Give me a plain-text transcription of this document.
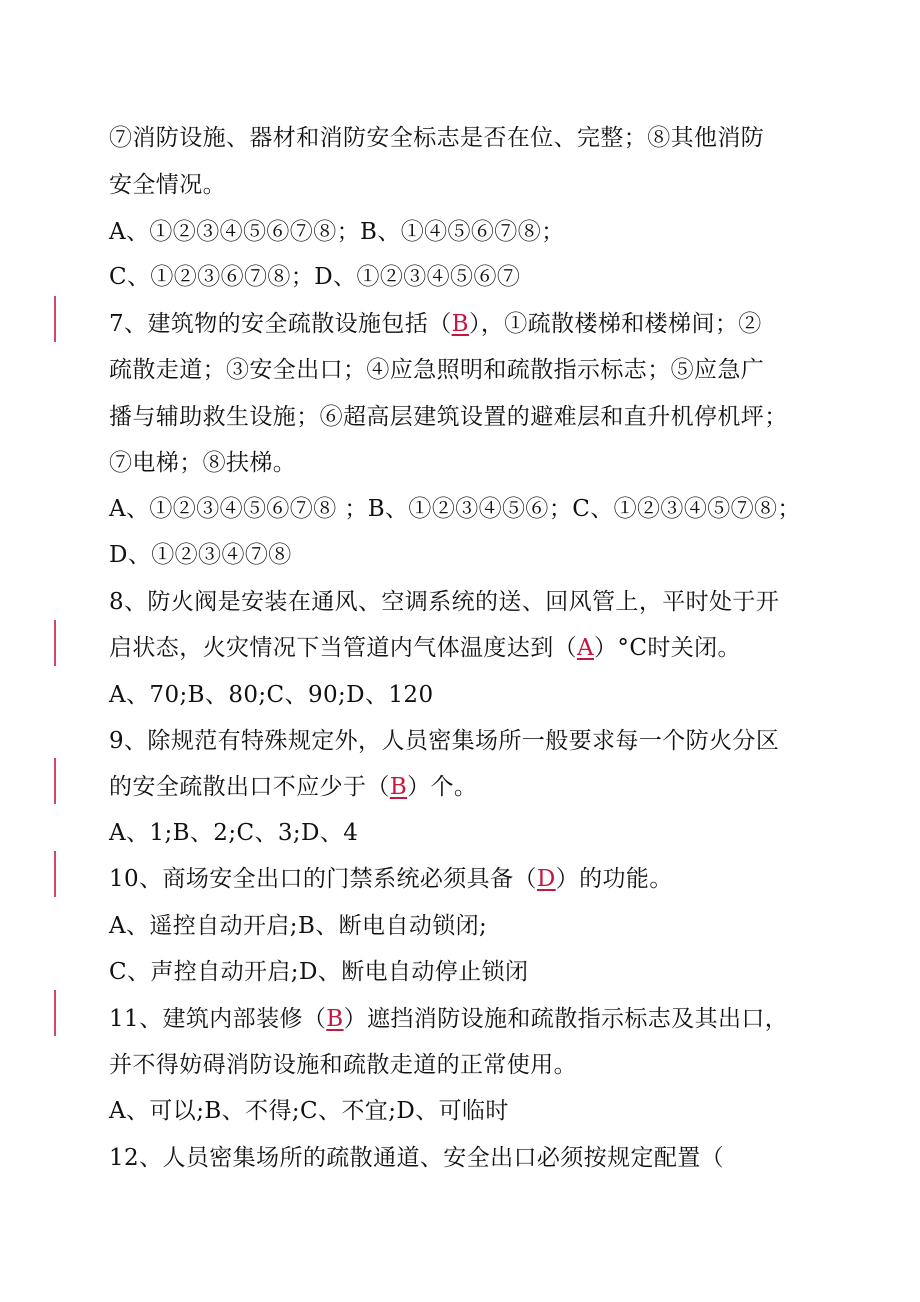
⑦消防设施、器材和消防安全标志是否在位、完整；⑧其他消防
安全情况。
A、①②③④⑤⑥⑦⑧；B、①④⑤⑥⑦⑧；
C、①②③⑥⑦⑧；D、①②③④⑤⑥⑦
7、建筑物的安全疏散设施包括（B），①疏散楼梯和楼梯间；②
疏散走道；③安全出口；④应急照明和疏散指示标志；⑤应急广
播与辅助救生设施；⑥超高层建筑设置的避难层和直升机停机坪；
⑦电梯；⑧扶梯。
A、①②③④⑤⑥⑦⑧ ；B、①②③④⑤⑥；C、①②③④⑤⑦⑧；
D、①②③④⑦⑧
8、防火阀是安装在通风、空调系统的送、回风管上，平时处于开
启状态，火灾情况下当管道内气体温度达到（A）°C时关闭。
A、70;B、80;C、90;D、120
9、除规范有特殊规定外，人员密集场所一般要求每一个防火分区
的安全疏散出口不应少于（B）个。
A、1;B、2;C、3;D、4
10、商场安全出口的门禁系统必须具备（D）的功能。
A、遥控自动开启;B、断电自动锁闭;
C、声控自动开启;D、断电自动停止锁闭
11、建筑内部装修（B）遮挡消防设施和疏散指示标志及其出口，
并不得妨碍消防设施和疏散走道的正常使用。
A、可以;B、不得;C、不宜;D、可临时
12、人员密集场所的疏散通道、安全出口必须按规定配置（
